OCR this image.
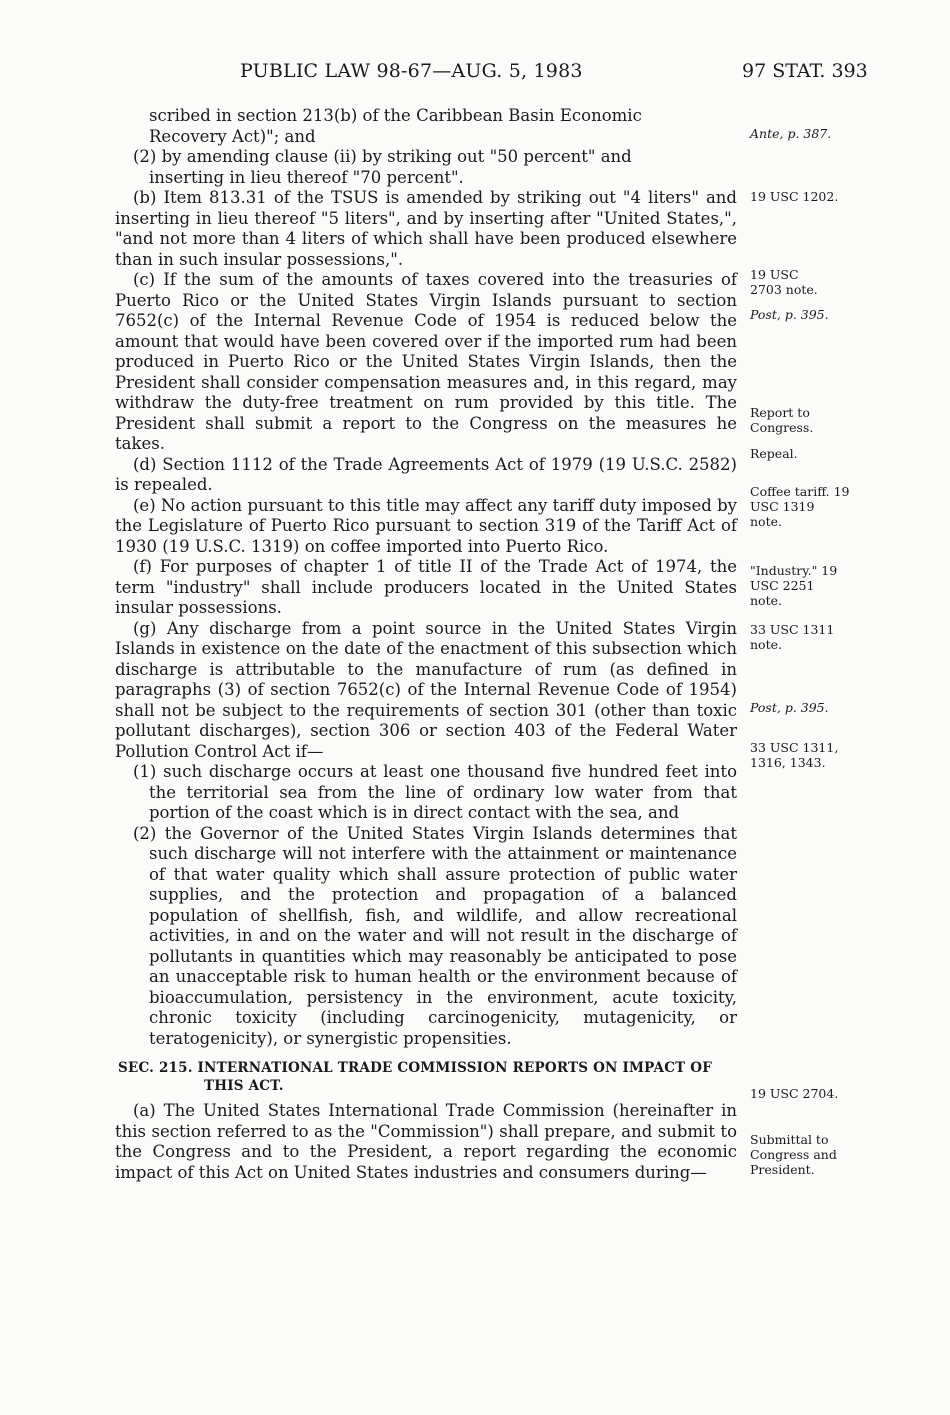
PUBLIC LAW 98-67—AUG. 5, 1983	97 STAT. 393

scribed in section 213(b) of the Caribbean Basin Economic

Recovery Act)"; and

(2) by amending clause (ii) by striking out "50 percent" and
inserting in lieu thereof "70 percent".

(b) Item 813.31 of the TSUS is amended by striking out "4 liters" and inserting in lieu thereof "5 liters", and by inserting after "United States,", "and not more than 4 liters of which shall have been produced elsewhere than in such insular possessions,".

(c) If the sum of the amounts of taxes covered into the treasuries of Puerto Rico or the United States Virgin Islands pursuant to section 7652(c) of the Internal Revenue Code of 1954 is reduced below the amount that would have been covered over if the imported rum had been produced in Puerto Rico or the United States Virgin Islands, then the President shall consider compensation measures and, in this regard, may withdraw the duty-free treatment on rum provided by this title. The President shall submit a report to the Congress on the measures he takes.

(d) Section 1112 of the Trade Agreements Act of 1979 (19 U.S.C. 2582) is repealed.

(e) No action pursuant to this title may affect any tariff duty imposed by the Legislature of Puerto Rico pursuant to section 319 of the Tariff Act of 1930 (19 U.S.C. 1319) on coffee imported into Puerto Rico.

(f) For purposes of chapter 1 of title II of the Trade Act of 1974, the term "industry" shall include producers located in the United States insular possessions.

(g) Any discharge from a point source in the United States Virgin Islands in existence on the date of the enactment of this subsection which discharge is attributable to the manufacture of rum (as defined in paragraphs (3) of section 7652(c) of the Internal Revenue Code of 1954) shall not be subject to the requirements of section 301 (other than toxic pollutant discharges), section 306 or section 403 of the Federal Water Pollution Control Act if—

(1) such discharge occurs at least one thousand five hundred feet into the territorial sea from the line of ordinary low water from that portion of the coast which is in direct contact with the sea, and

(2) the Governor of the United States Virgin Islands determines that such discharge will not interfere with the attainment or maintenance of that water quality which shall assure protection of public water supplies, and the protection and propagation of a balanced population of shellfish, fish, and wildlife, and allow recreational activities, in and on the water and will not result in the discharge of pollutants in quantities which may reasonably be anticipated to pose an unacceptable risk to human health or the environment because of bioaccumulation, persistency in the environment, acute toxicity, chronic toxicity (including carcinogenicity, mutagenicity, or teratogenicity), or synergistic propensities.

SEC. 215. INTERNATIONAL TRADE COMMISSION REPORTS ON IMPACT OF THIS ACT.

(a) The United States International Trade Commission (hereinafter in this section referred to as the "Commission") shall prepare, and submit to the Congress and to the President, a report regarding the economic impact of this Act on United States industries and consumers during—

Ante, p. 387.
19 USC 1202.
19 USC 2703 note.
Post, p. 395.
Report to Congress.
Repeal.
Coffee tariff. 19 USC 1319 note.
"Industry." 19 USC 2251 note.
33 USC 1311 note.
Post, p. 395.
33 USC 1311, 1316, 1343.
19 USC 2704.
Submittal to Congress and President.
